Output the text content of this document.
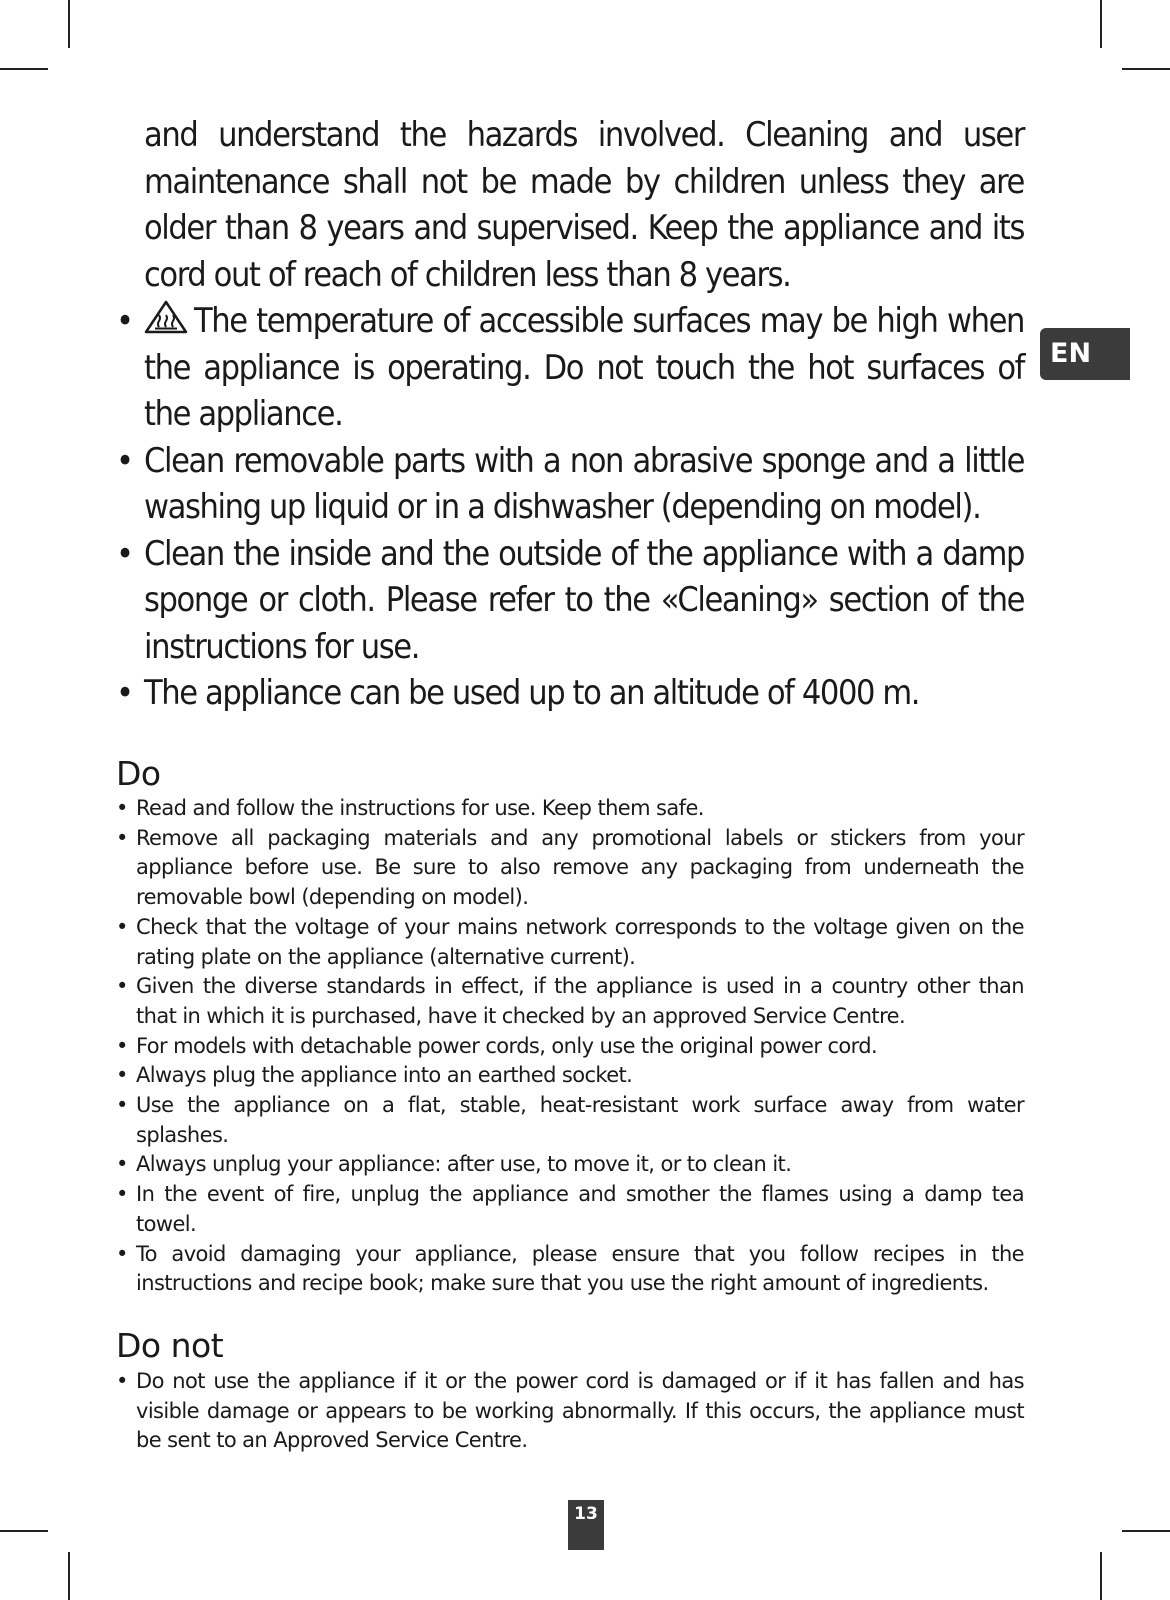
and understand the hazards involved. Cleaning and user maintenance shall not be made by children unless they are older than 8 years and supervised. Keep the appliance and its cord out of reach of children less than 8 years.
• The temperature of accessible surfaces may be high when the appliance is operating. Do not touch the hot surfaces of the appliance.
• Clean removable parts with a non abrasive sponge and a little washing up liquid or in a dishwasher (depending on model).
• Clean the inside and the outside of the appliance with a damp sponge or cloth. Please refer to the «Cleaning» section of the instructions for use.
• The appliance can be used up to an altitude of 4000 m.
Do
• Read and follow the instructions for use. Keep them safe.
• Remove all packaging materials and any promotional labels or stickers from your appliance before use. Be sure to also remove any packaging from underneath the removable bowl (depending on model).
• Check that the voltage of your mains network corresponds to the voltage given on the rating plate on the appliance (alternative current).
• Given the diverse standards in effect, if the appliance is used in a country other than that in which it is purchased, have it checked by an approved Service Centre.
• For models with detachable power cords, only use the original power cord.
• Always plug the appliance into an earthed socket.
• Use the appliance on a flat, stable, heat-resistant work surface away from water splashes.
• Always unplug your appliance: after use, to move it, or to clean it.
• In the event of fire, unplug the appliance and smother the flames using a damp tea towel.
• To avoid damaging your appliance, please ensure that you follow recipes in the instructions and recipe book; make sure that you use the right amount of ingredients.
Do not
• Do not use the appliance if it or the power cord is damaged or if it has fallen and has visible damage or appears to be working abnormally. If this occurs, the appliance must be sent to an Approved Service Centre.
EN
13
